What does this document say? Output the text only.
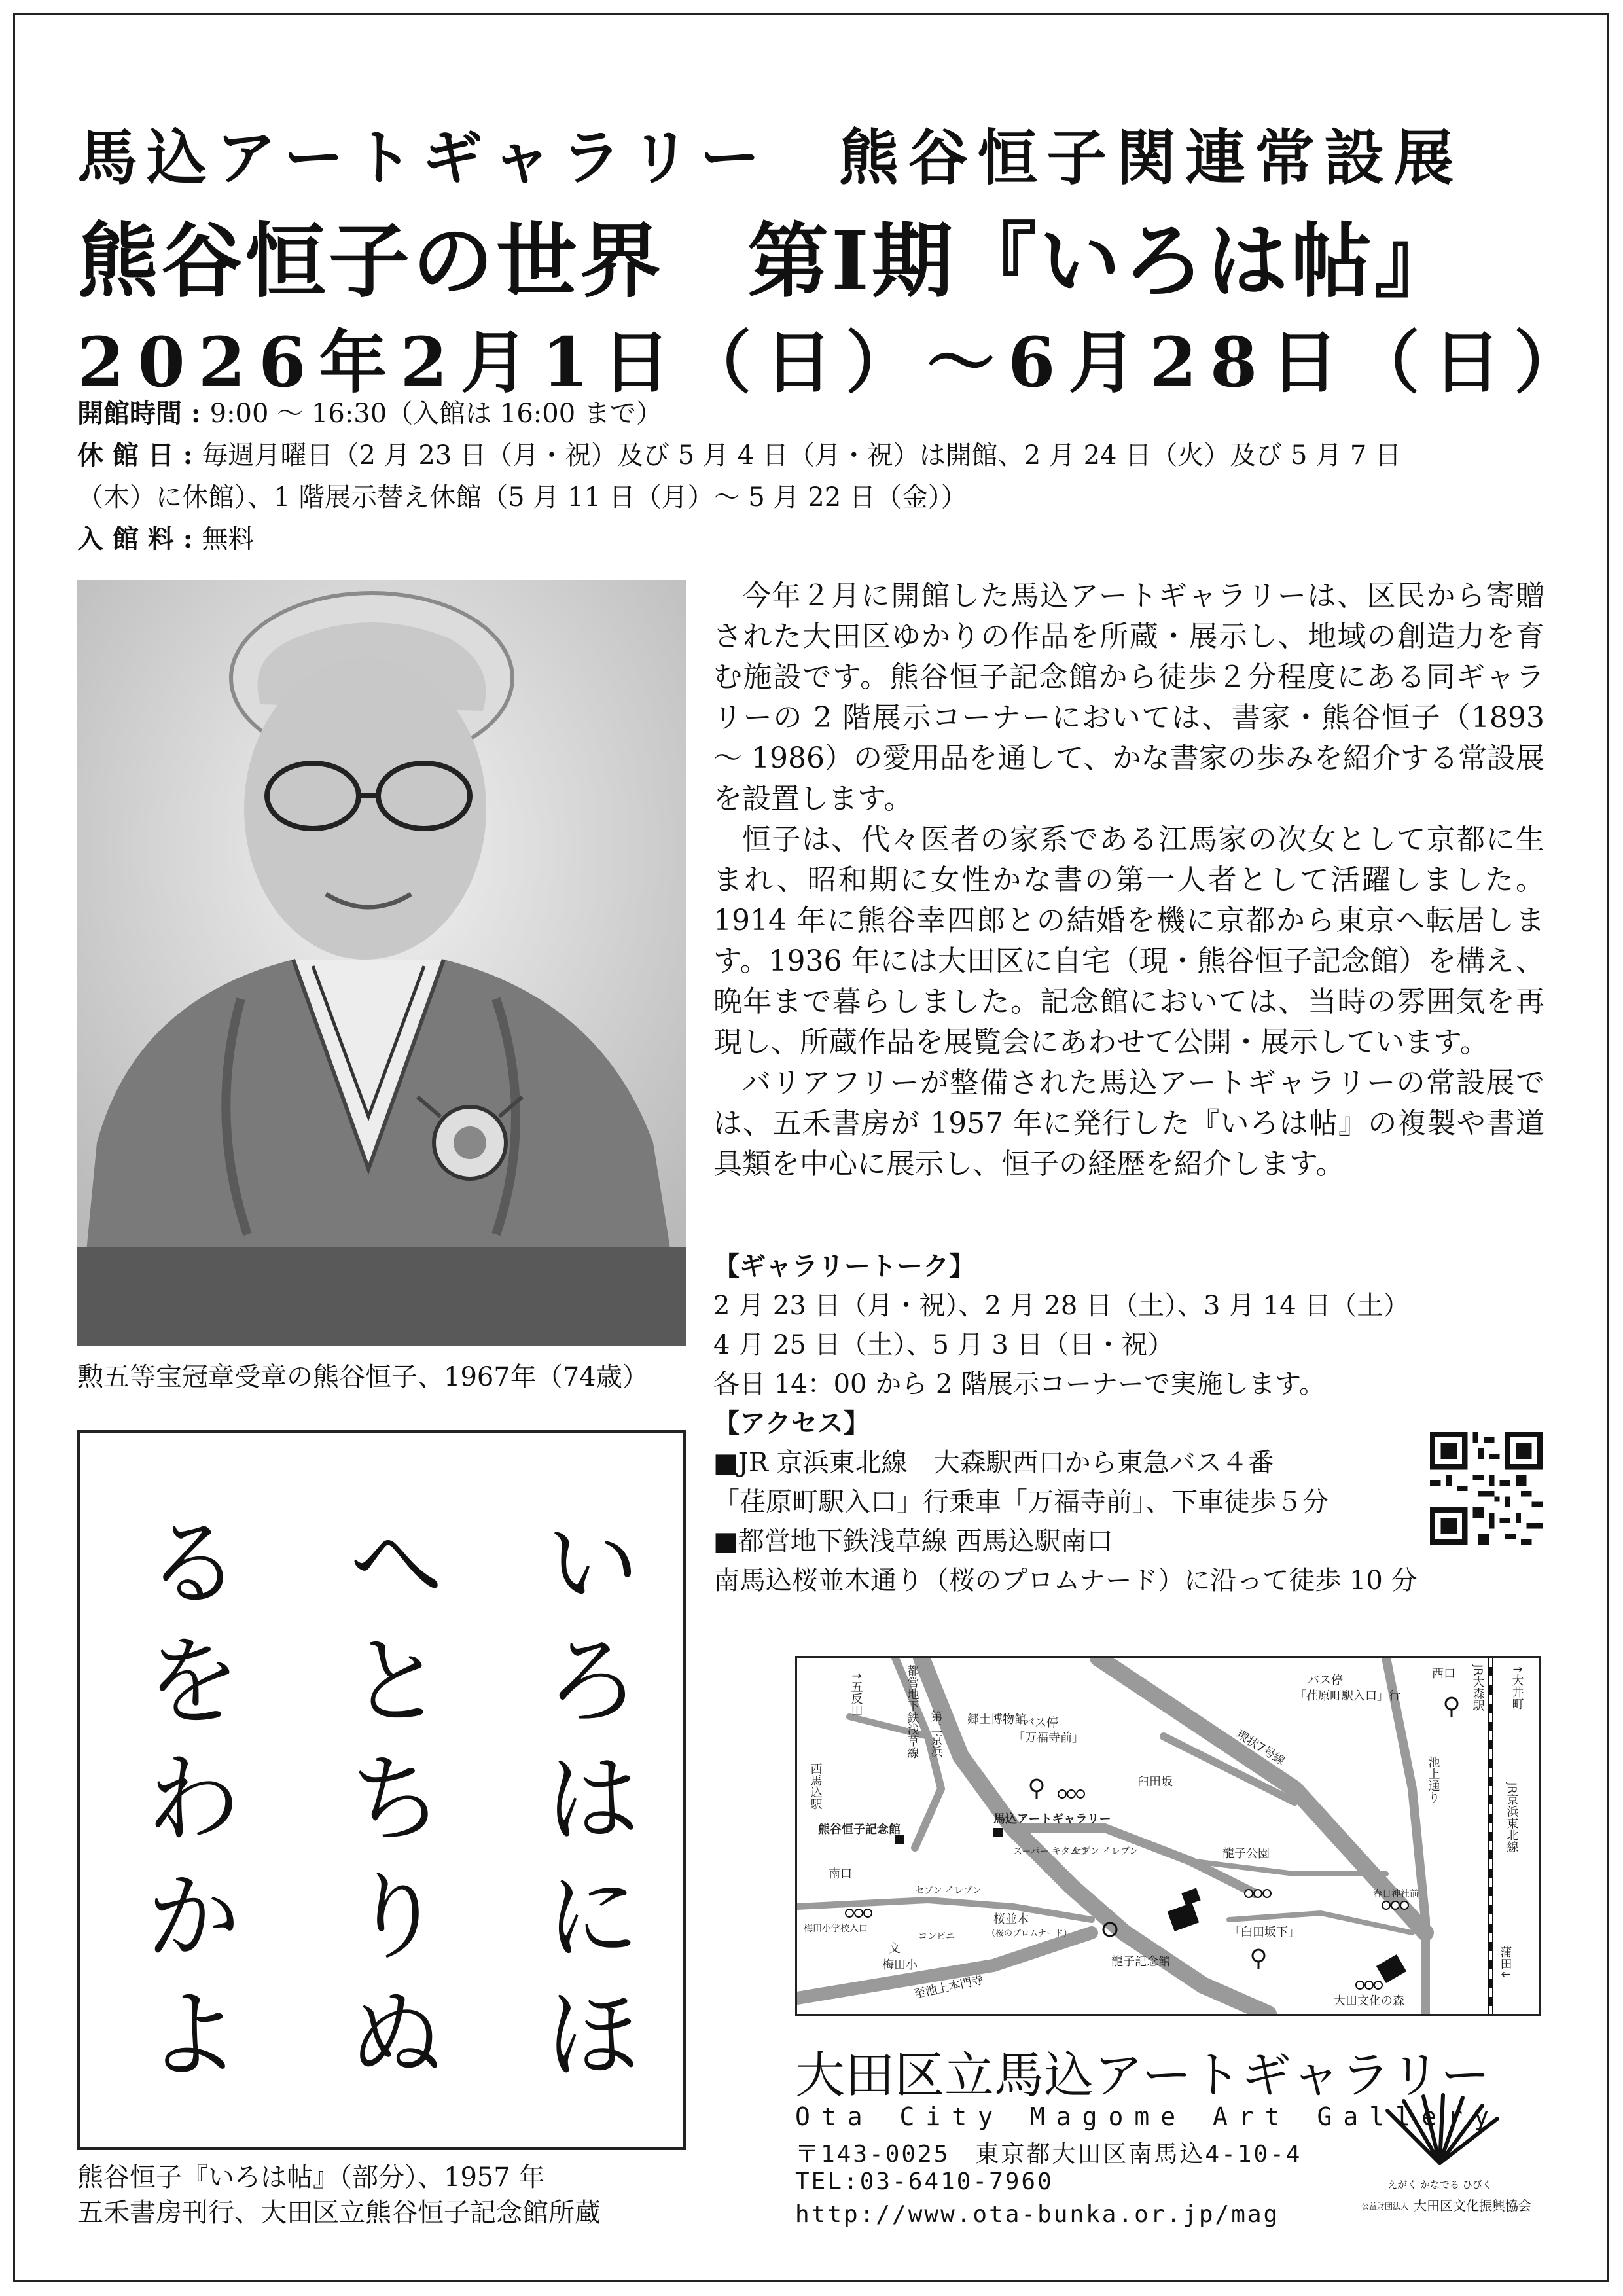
馬込アートギャラリー　熊谷恒子関連常設展
熊谷恒子の世界　第Ⅰ期『いろは帖』
2026年2月1日（日）～6月28日（日）
開館時間 : 9:00 ～ 16:30（入館は 16:00 まで）
休 館 日 : 毎週月曜日（2 月 23 日（月・祝）及び 5 月 4 日（月・祝）は開館、2 月 24 日（火）及び 5 月 7 日
（木）に休館）、1 階展示替え休館（5 月 11 日（月）～ 5 月 22 日（金））
入 館 料 : 無料
勲五等宝冠章受章の熊谷恒子、1967年（74歳）

今年２月に開館した馬込アートギャラリーは、区民から寄贈された大田区ゆかりの作品を所蔵・展示し、地域の創造力を育む施設です。熊谷恒子記念館から徒歩２分程度にある同ギャラリーの 2 階展示コーナーにおいては、書家・熊谷恒子（1893 ～ 1986）の愛用品を通して、かな書家の歩みを紹介する常設展を設置します。

恒子は、代々医者の家系である江馬家の次女として京都に生まれ、昭和期に女性かな書の第一人者として活躍しました。1914 年に熊谷幸四郎との結婚を機に京都から東京へ転居します。1936 年には大田区に自宅（現・熊谷恒子記念館）を構え、晩年まで暮らしました。記念館においては、当時の雰囲気を再現し、所蔵作品を展覧会にあわせて公開・展示しています。

バリアフリーが整備された馬込アートギャラリーの常設展では、五禾書房が 1957 年に発行した『いろは帖』の複製や書道具類を中心に展示し、恒子の経歴を紹介します。

【ギャラリートーク】
2 月 23 日（月・祝）、2 月 28 日（土）、3 月 14 日（土）
4 月 25 日（土）、5 月 3 日（日・祝）
各日 14：00 から 2 階展示コーナーで実施します。
【アクセス】
■JR 京浜東北線　大森駅西口から東急バス４番
「荏原町駅入口」行乗車「万福寺前」、下車徒歩５分
■都営地下鉄浅草線 西馬込駅南口
南馬込桜並木通り（桜のプロムナード）に沿って徒歩 10 分
いろはにほ
へとちりぬ
るをわかよ
熊谷恒子『いろは帖』（部分）、1957 年
五禾書房刊行、大田区立熊谷恒子記念館所蔵
↑五反田	都営地下鉄浅草線 第二京浜 郷土博物館
バス停
「万福寺前」
バス停
「荏原町駅入口」行
西口 JR大森駅 ↑大井町
臼田坂
環状7号線
池上通り
JR京浜東北線
西馬込駅
南口
熊谷恒子記念館
馬込アートギャラリー
スーパー キタムラ
セブン イレブン
セブン イレブン
龍子公園
春日神社前
梅田小学校入口
文
梅田小
コンビニ
桜並木
（桜のプロムナード）
至池上本門寺
龍子記念館
「臼田坂下」
大田文化の森
蒲田↓
大田区立馬込アートギャラリー
Ota City Magome Art Gallery
〒143-0025　東京都大田区南馬込4-10-4
TEL:03-6410-7960
http://www.ota-bunka.or.jp/mag
えがく かなでる ひびく
公益財団法人 大田区文化振興協会
